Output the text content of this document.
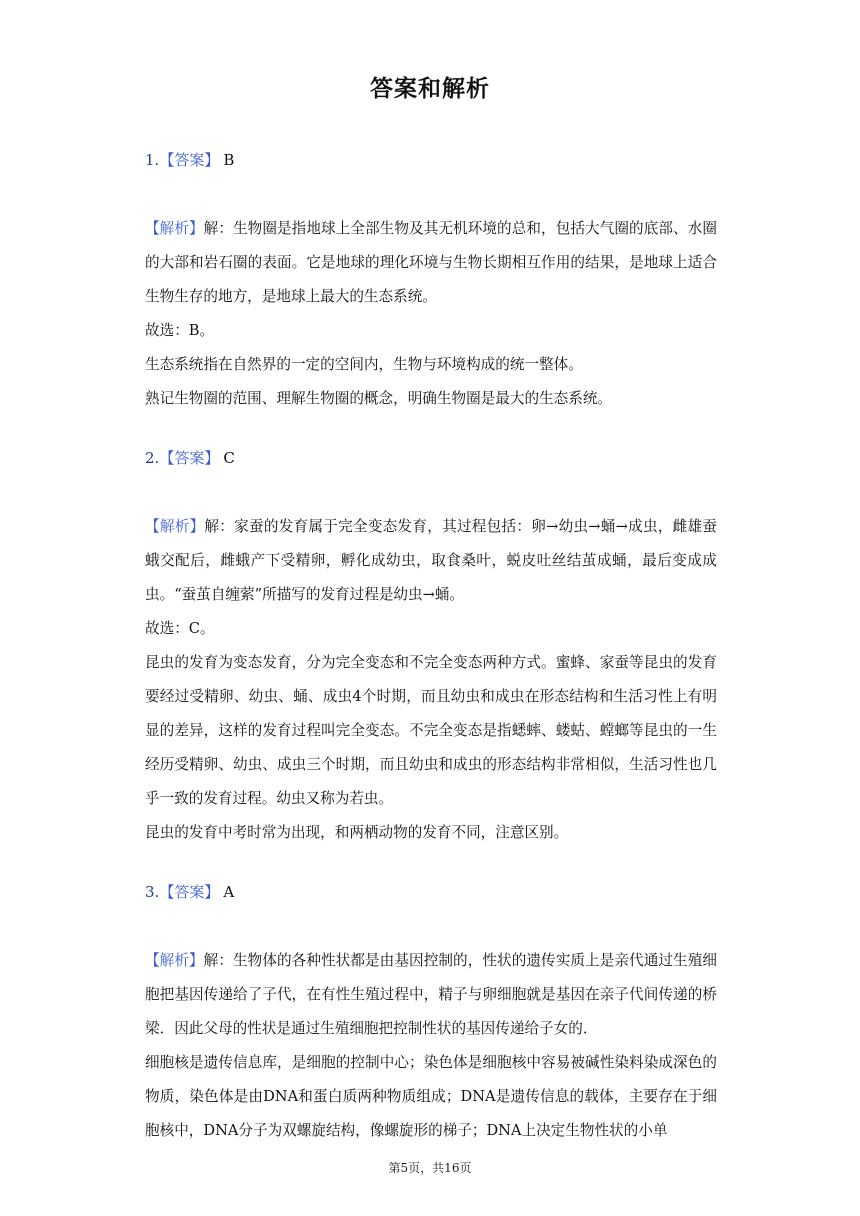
答案和解析
1.【答案】 B

【解析】解：生物圈是指地球上全部生物及其无机环境的总和，包括大气圈的底部、水圈的大部和岩石圈的表面。它是地球的理化环境与生物长期相互作用的结果，是地球上适合生物生存的地方，是地球上最大的生态系统。

故选：B。

生态系统指在自然界的一定的空间内，生物与环境构成的统一整体。

熟记生物圈的范围、理解生物圈的概念，明确生物圈是最大的生态系统。

2.【答案】 C

【解析】解：家蚕的发育属于完全变态发育，其过程包括：卵→幼虫→蛹→成虫，雌雄蚕蛾交配后，雌蛾产下受精卵，孵化成幼虫，取食桑叶，蜕皮吐丝结茧成蛹，最后变成成虫。“蚕茧自缠萦”所描写的发育过程是幼虫→蛹。

故选：C。

昆虫的发育为变态发育，分为完全变态和不完全变态两种方式。蜜蜂、家蚕等昆虫的发育要经过受精卵、幼虫、蛹、成虫4个时期，而且幼虫和成虫在形态结构和生活习性上有明显的差异，这样的发育过程叫完全变态。不完全变态是指蟋蟀、蝼蛄、螳螂等昆虫的一生经历受精卵、幼虫、成虫三个时期，而且幼虫和成虫的形态结构非常相似，生活习性也几乎一致的发育过程。幼虫又称为若虫。

昆虫的发育中考时常为出现，和两栖动物的发育不同，注意区别。

3.【答案】 A

【解析】解：生物体的各种性状都是由基因控制的，性状的遗传实质上是亲代通过生殖细胞把基因传递给了子代，在有性生殖过程中，精子与卵细胞就是基因在亲子代间传递的桥梁．因此父母的性状是通过生殖细胞把控制性状的基因传递给子女的．

细胞核是遗传信息库，是细胞的控制中心；染色体是细胞核中容易被碱性染料染成深色的物质，染色体是由DNA和蛋白质两种物质组成；DNA是遗传信息的载体，主要存在于细胞核中，DNA分子为双螺旋结构，像螺旋形的梯子；DNA上决定生物性状的小单

第5页，共16页
